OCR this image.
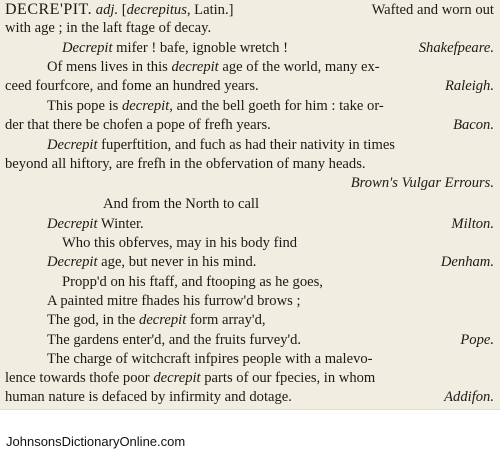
DECRE'PIT. adj. [decrepitus, Latin.]	Wafted and worn out
with age ; in the laft ftage of decay.
Decrepit mifer ! bafe, ignoble wretch !	Shakefpeare.
Of mens lives in this decrepit age of the world, many ex-
ceed fourfcore, and fome an hundred years.	Raleigh.
This pope is decrepit, and the bell goeth for him : take or-
der that there be chofen a pope of frefh years.	Bacon.
Decrepit fuperftition, and fuch as had their nativity in times
beyond all hiftory, are frefh in the obfervation of many heads.
Brown's Vulgar Errours.
And from the North to call
Decrepit Winter.	Milton.
Who this obferves, may in his body find
Decrepit age, but never in his mind.	Denham.
Propp'd on his ftaff, and ftooping as he goes,
A painted mitre fhades his furrow'd brows ;
The god, in the decrepit form array'd,
The gardens enter'd, and the fruits furvey'd.	Pope.
The charge of witchcraft infpires people with a malevo-
lence towards thofe poor decrepit parts of our fpecies, in whom
human nature is defaced by infirmity and dotage.	Addifon.
JohnsonsDictionaryOnline.com
